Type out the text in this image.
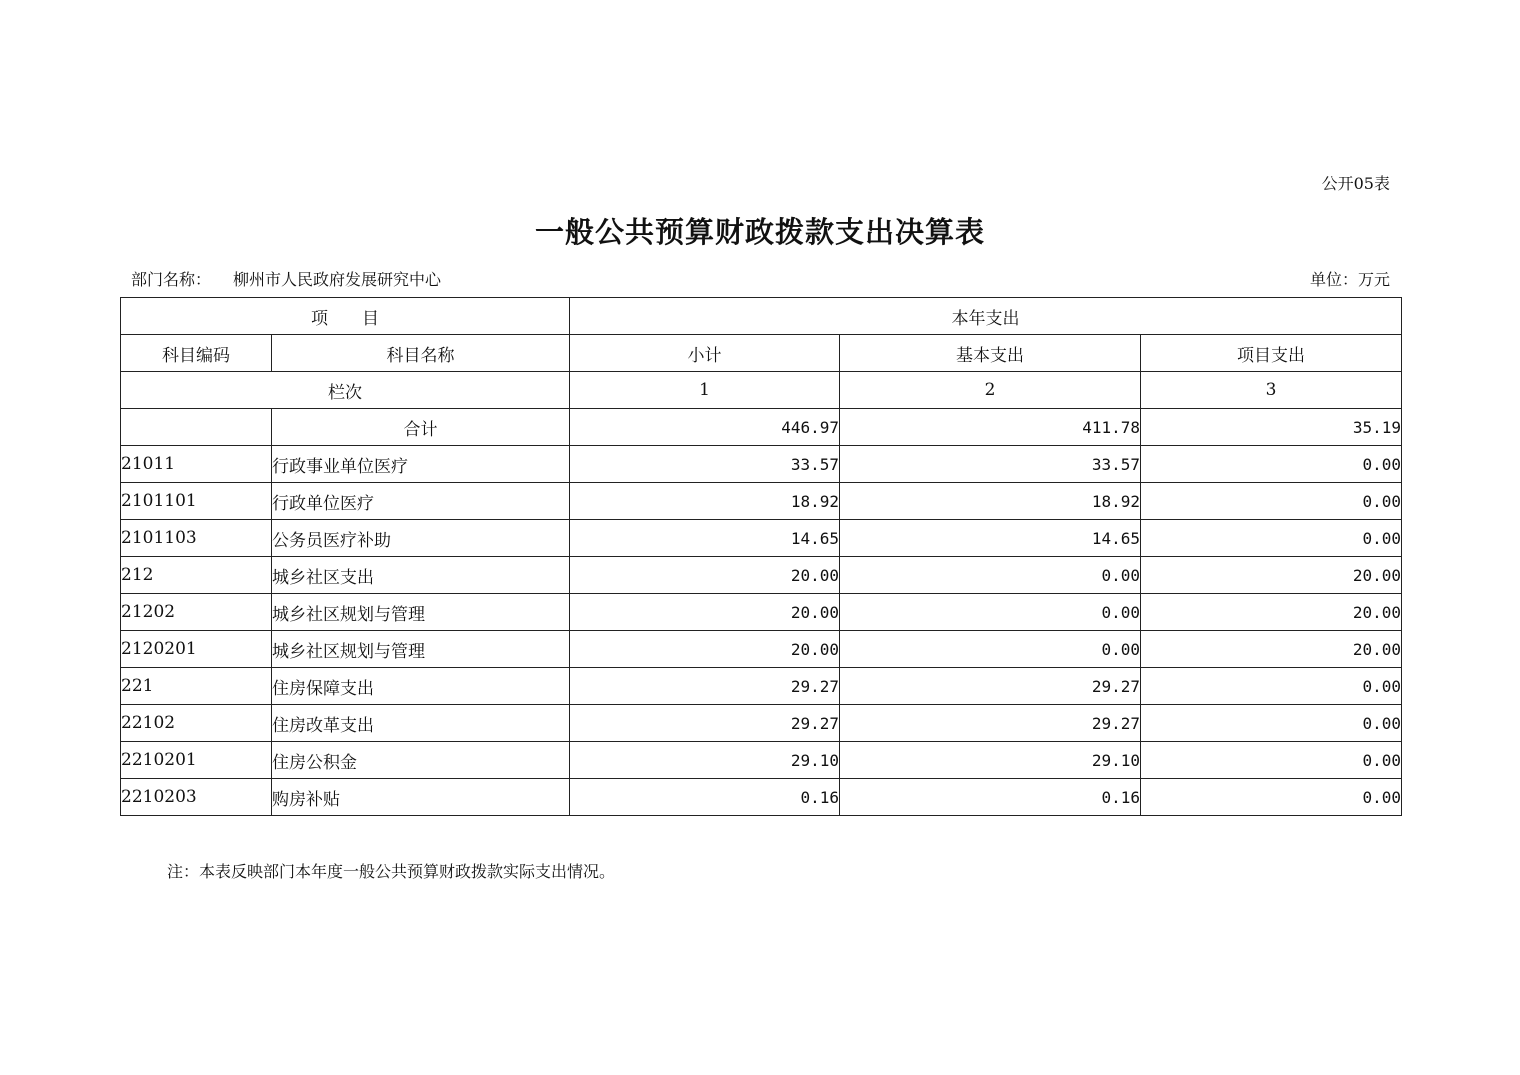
公开05表
一般公共预算财政拨款支出决算表
部门名称： 柳州市人民政府发展研究中心	单位：万元
项　　目		本年支出		
科目编码	科目名称	小计	基本支出	项目支出
栏次		1	2	3
	合计	446.97	411.78	35.19
21011	行政事业单位医疗	33.57	33.57	0.00
2101101	行政单位医疗	18.92	18.92	0.00
2101103	公务员医疗补助	14.65	14.65	0.00
212	城乡社区支出	20.00	0.00	20.00
21202	城乡社区规划与管理	20.00	0.00	20.00
2120201	城乡社区规划与管理	20.00	0.00	20.00
221	住房保障支出	29.27	29.27	0.00
22102	住房改革支出	29.27	29.27	0.00
2210201	住房公积金	29.10	29.10	0.00
2210203	购房补贴	0.16	0.16	0.00
注：本表反映部门本年度一般公共预算财政拨款实际支出情况。
